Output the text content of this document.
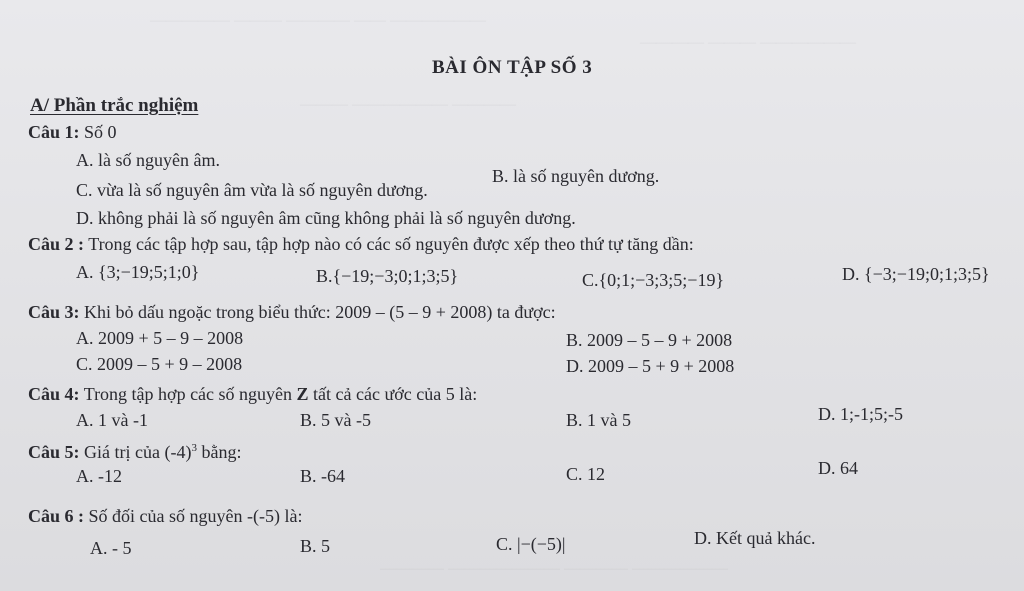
————— ——— ———— —— ——————
———— ——— ——————
——— —————— ————
———— ——————— ———— ——————
BÀI ÔN TẬP SỐ 3
A/ Phần trắc nghiệm
Câu 1: Số 0
A. là số nguyên âm.
B. là số nguyên dương.
C. vừa là số nguyên âm vừa là số nguyên dương.
D. không phải là số nguyên âm cũng không phải là số nguyên dương.
Câu 2 : Trong các tập hợp sau, tập hợp nào có các số nguyên được xếp theo thứ tự tăng dần:
A. {3;−19;5;1;0}	B.{−19;−3;0;1;3;5}	C.{0;1;−3;3;5;−19}	D. {−3;−19;0;1;3;5}
Câu 3: Khi bỏ dấu ngoặc trong biểu thức: 2009 – (5 – 9 + 2008) ta được:
A. 2009 + 5 – 9 – 2008	B. 2009 – 5 – 9 + 2008
C. 2009 – 5 + 9 – 2008	D. 2009 – 5 + 9 + 2008
Câu 4: Trong tập hợp các số nguyên Z tất cả các ước của 5 là:
A. 1 và -1	B. 5 và -5	B. 1 và 5	D. 1;-1;5;-5
Câu 5: Giá trị của $(-4)^3$ bằng:
A. -12	B. -64	C. 12	D. 64
Câu 6 : Số đối của số nguyên -(-5) là:
A. - 5	B. 5	C. |−(−5)|	D. Kết quả khác.
